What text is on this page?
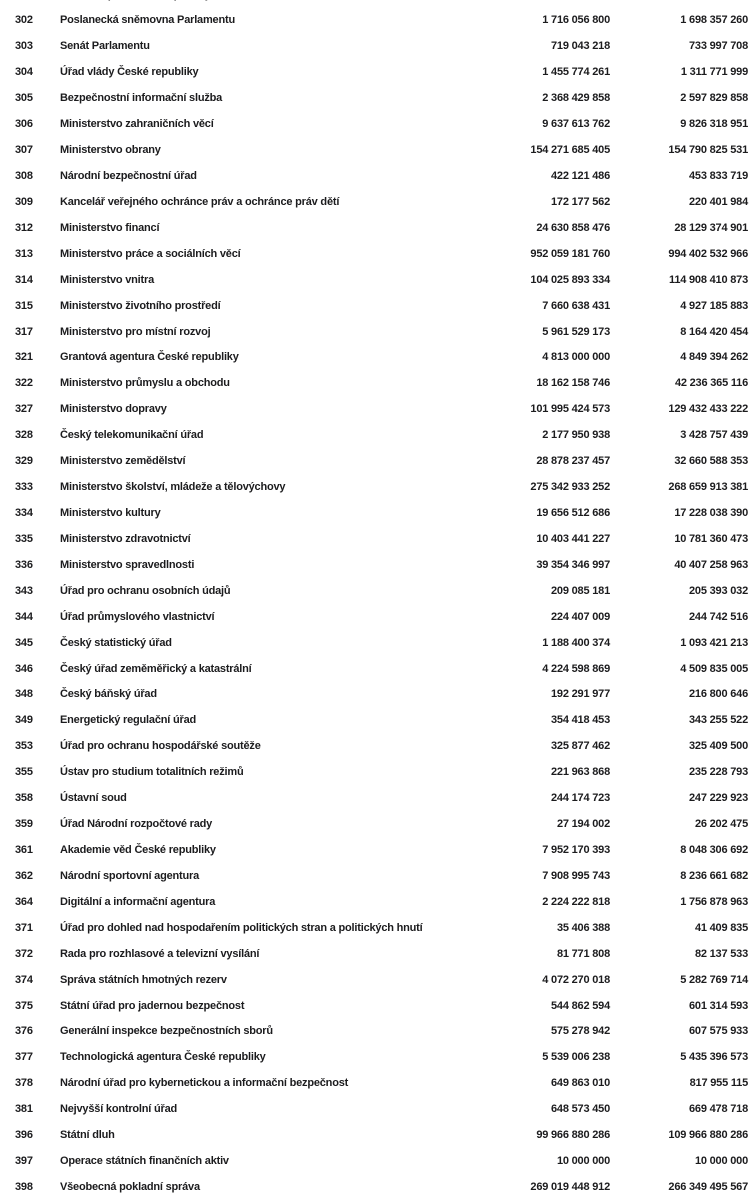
302	Poslanecká sněmovna Parlamentu	1 716 056 800	1 698 357 260
303	Senát Parlamentu	719 043 218	733 997 708
304	Úřad vlády České republiky	1 455 774 261	1 311 771 999
305	Bezpečnostní informační služba	2 368 429 858	2 597 829 858
306	Ministerstvo zahraničních věcí	9 637 613 762	9 826 318 951
307	Ministerstvo obrany	154 271 685 405	154 790 825 531
308	Národní bezpečnostní úřad	422 121 486	453 833 719
309	Kancelář veřejného ochránce práv a ochránce práv dětí	172 177 562	220 401 984
312	Ministerstvo financí	24 630 858 476	28 129 374 901
313	Ministerstvo práce a sociálních věcí	952 059 181 760	994 402 532 966
314	Ministerstvo vnitra	104 025 893 334	114 908 410 873
315	Ministerstvo životního prostředí	7 660 638 431	4 927 185 883
317	Ministerstvo pro místní rozvoj	5 961 529 173	8 164 420 454
321	Grantová agentura České republiky	4 813 000 000	4 849 394 262
322	Ministerstvo průmyslu a obchodu	18 162 158 746	42 236 365 116
327	Ministerstvo dopravy	101 995 424 573	129 432 433 222
328	Český telekomunikační úřad	2 177 950 938	3 428 757 439
329	Ministerstvo zemědělství	28 878 237 457	32 660 588 353
333	Ministerstvo školství, mládeže a tělovýchovy	275 342 933 252	268 659 913 381
334	Ministerstvo kultury	19 656 512 686	17 228 038 390
335	Ministerstvo zdravotnictví	10 403 441 227	10 781 360 473
336	Ministerstvo spravedlnosti	39 354 346 997	40 407 258 963
343	Úřad pro ochranu osobních údajů	209 085 181	205 393 032
344	Úřad průmyslového vlastnictví	224 407 009	244 742 516
345	Český statistický úřad	1 188 400 374	1 093 421 213
346	Český úřad zeměměřický a katastrální	4 224 598 869	4 509 835 005
348	Český báňský úřad	192 291 977	216 800 646
349	Energetický regulační úřad	354 418 453	343 255 522
353	Úřad pro ochranu hospodářské soutěže	325 877 462	325 409 500
355	Ústav pro studium totalitních režimů	221 963 868	235 228 793
358	Ústavní soud	244 174 723	247 229 923
359	Úřad Národní rozpočtové rady	27 194 002	26 202 475
361	Akademie věd České republiky	7 952 170 393	8 048 306 692
362	Národní sportovní agentura	7 908 995 743	8 236 661 682
364	Digitální a informační agentura	2 224 222 818	1 756 878 963
371	Úřad pro dohled nad hospodařením politických stran a politických hnutí	35 406 388	41 409 835
372	Rada pro rozhlasové a televizní vysílání	81 771 808	82 137 533
374	Správa státních hmotných rezerv	4 072 270 018	5 282 769 714
375	Státní úřad pro jadernou bezpečnost	544 862 594	601 314 593
376	Generální inspekce bezpečnostních sborů	575 278 942	607 575 933
377	Technologická agentura České republiky	5 539 006 238	5 435 396 573
378	Národní úřad pro kybernetickou a informační bezpečnost	649 863 010	817 955 115
381	Nejvyšší kontrolní úřad	648 573 450	669 478 718
396	Státní dluh	99 966 880 286	109 966 880 286
397	Operace státních finančních aktiv	10 000 000	10 000 000
398	Všeobecná pokladní správa	269 019 448 912	266 349 495 567
